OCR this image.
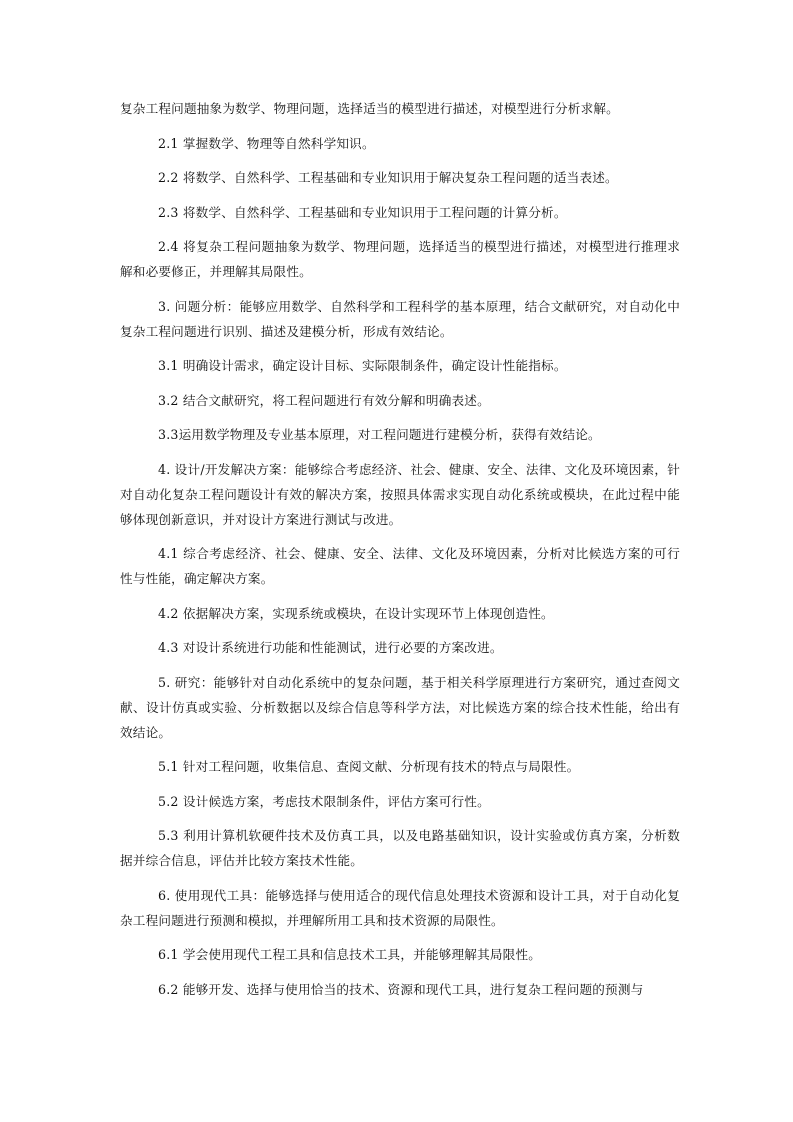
复杂工程问题抽象为数学、物理问题，选择适当的模型进行描述，对模型进行分析求解。

2.1 掌握数学、物理等自然科学知识。

2.2 将数学、自然科学、工程基础和专业知识用于解决复杂工程问题的适当表述。

2.3 将数学、自然科学、工程基础和专业知识用于工程问题的计算分析。

2.4 将复杂工程问题抽象为数学、物理问题，选择适当的模型进行描述，对模型进行推理求解和必要修正，并理解其局限性。

3. 问题分析：能够应用数学、自然科学和工程科学的基本原理，结合文献研究，对自动化中复杂工程问题进行识别、描述及建模分析，形成有效结论。

3.1 明确设计需求，确定设计目标、实际限制条件，确定设计性能指标。

3.2 结合文献研究，将工程问题进行有效分解和明确表述。

3.3运用数学物理及专业基本原理，对工程问题进行建模分析，获得有效结论。

4. 设计/开发解决方案：能够综合考虑经济、社会、健康、安全、法律、文化及环境因素，针对自动化复杂工程问题设计有效的解决方案，按照具体需求实现自动化系统或模块，在此过程中能够体现创新意识，并对设计方案进行测试与改进。

4.1 综合考虑经济、社会、健康、安全、法律、文化及环境因素，分析对比候选方案的可行性与性能，确定解决方案。

4.2 依据解决方案，实现系统或模块，在设计实现环节上体现创造性。

4.3 对设计系统进行功能和性能测试，进行必要的方案改进。

5. 研究：能够针对自动化系统中的复杂问题，基于相关科学原理进行方案研究，通过查阅文献、设计仿真或实验、分析数据以及综合信息等科学方法，对比候选方案的综合技术性能，给出有效结论。

5.1 针对工程问题，收集信息、查阅文献、分析现有技术的特点与局限性。

5.2 设计候选方案，考虑技术限制条件，评估方案可行性。

5.3 利用计算机软硬件技术及仿真工具，以及电路基础知识，设计实验或仿真方案，分析数据并综合信息，评估并比较方案技术性能。

6. 使用现代工具：能够选择与使用适合的现代信息处理技术资源和设计工具，对于自动化复杂工程问题进行预测和模拟，并理解所用工具和技术资源的局限性。

6.1 学会使用现代工程工具和信息技术工具，并能够理解其局限性。

6.2 能够开发、选择与使用恰当的技术、资源和现代工具，进行复杂工程问题的预测与
